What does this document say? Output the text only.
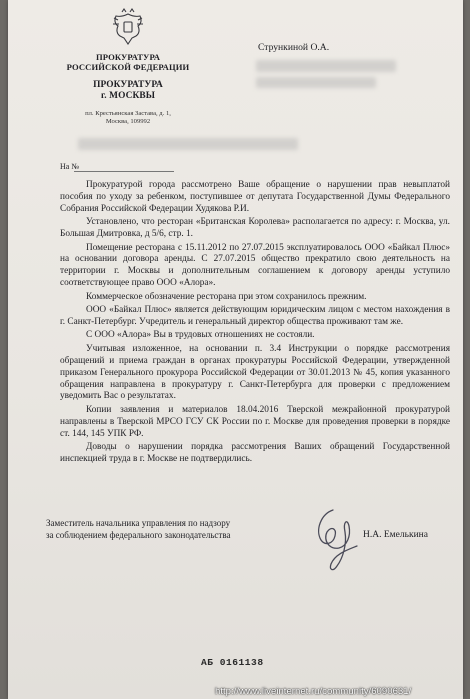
ПРОКУРАТУРА
РОССИЙСКОЙ ФЕДЕРАЦИИ
ПРОКУРАТУРА
г. МОСКВЫ
пл. Крестьянская Застава, д. 1,
Москва, 109992
Стрункиной О.А.
На №

Прокуратурой города рассмотрено Ваше обращение о нарушении прав невыплатой пособия по уходу за ребенком, поступившее от депутата Государственной Думы Федерального Собрания Российской Федерации Худякова Р.И.

Установлено, что ресторан «Британская Королева» располагается по адресу: г. Москва, ул. Большая Дмитровка, д 5/6, стр. 1.

Помещение ресторана с 15.11.2012 по 27.07.2015 эксплуатировалось ООО «Байкал Плюс» на основании договора аренды. С 27.07.2015 общество прекратило свою деятельность на территории г. Москвы и дополнительным соглашением к договору аренды уступило соответствующее право ООО «Алора».

Коммерческое обозначение ресторана при этом сохранилось прежним.

ООО «Байкал Плюс» является действующим юридическим лицом с местом нахождения в г. Санкт-Петербург. Учредитель и генеральный директор общества проживают там же.

С ООО «Алора» Вы в трудовых отношениях не состояли.

Учитывая изложенное, на основании п. 3.4 Инструкции о порядке рассмотрения обращений и приема граждан в органах прокуратуры Российской Федерации, утвержденной приказом Генерального прокурора Российской Федерации от 30.01.2013 № 45, копия указанного обращения направлена в прокуратуру г. Санкт-Петербурга для проверки с предложением уведомить Вас о результатах.

Копии заявления и материалов 18.04.2016 Тверской межрайонной прокуратурой направлены в Тверской МРСО ГСУ СК России по г. Москве для проведения проверки в порядке ст. 144, 145 УПК РФ.

Доводы о нарушении порядка рассмотрения Ваших обращений Государственной инспекцией труда в г. Москве не подтвердились.

Заместитель начальника управления по надзору
за соблюдением федерального законодательства	Н.А. Емелькина
АБ 0161138
http://www.liveinternet.ru/community/6090631/
